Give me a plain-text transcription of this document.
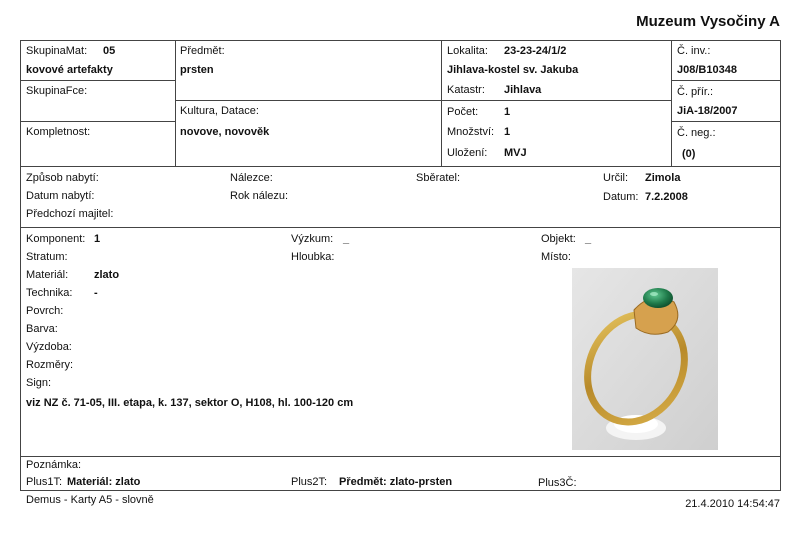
Muzeum Vysočiny A
SkupinaMat: 05
kovové artefakty
SkupinaFce:
Kompletnost:
Předmět:
prsten
Kultura, Datace:
novove, novověk
Lokalita: 23-23-24/1/2
Jihlava-kostel sv. Jakuba
Katastr: Jihlava
Počet: 1
Množství: 1
Uložení: MVJ
Č. inv.:
J08/B10348
Č. přír.:
JiA-18/2007
Č. neg.:
(0)
Způsob nabytí:
Datum nabytí:
Předchozí majitel:
Nálezce:
Rok nálezu:
Sběratel:	Určil: Zimola
Datum: 7.2.2008
Komponent: 1
Stratum:
Materiál: zlato
Technika: -
Povrch:
Barva:
Výzdoba:
Rozměry:
Sign:
viz NZ č. 71-05, III. etapa, k. 137, sektor O, H108, hl. 100-120 cm
Výzkum: _
Hloubka:
Objekt: _
Místo:
Poznámka:
Plus1T: Materiál: zlato	Plus2T: Předmět: zlato-prsten	Plus3Č:
Demus - Karty A5 - slovně	21.4.2010 14:54:47
